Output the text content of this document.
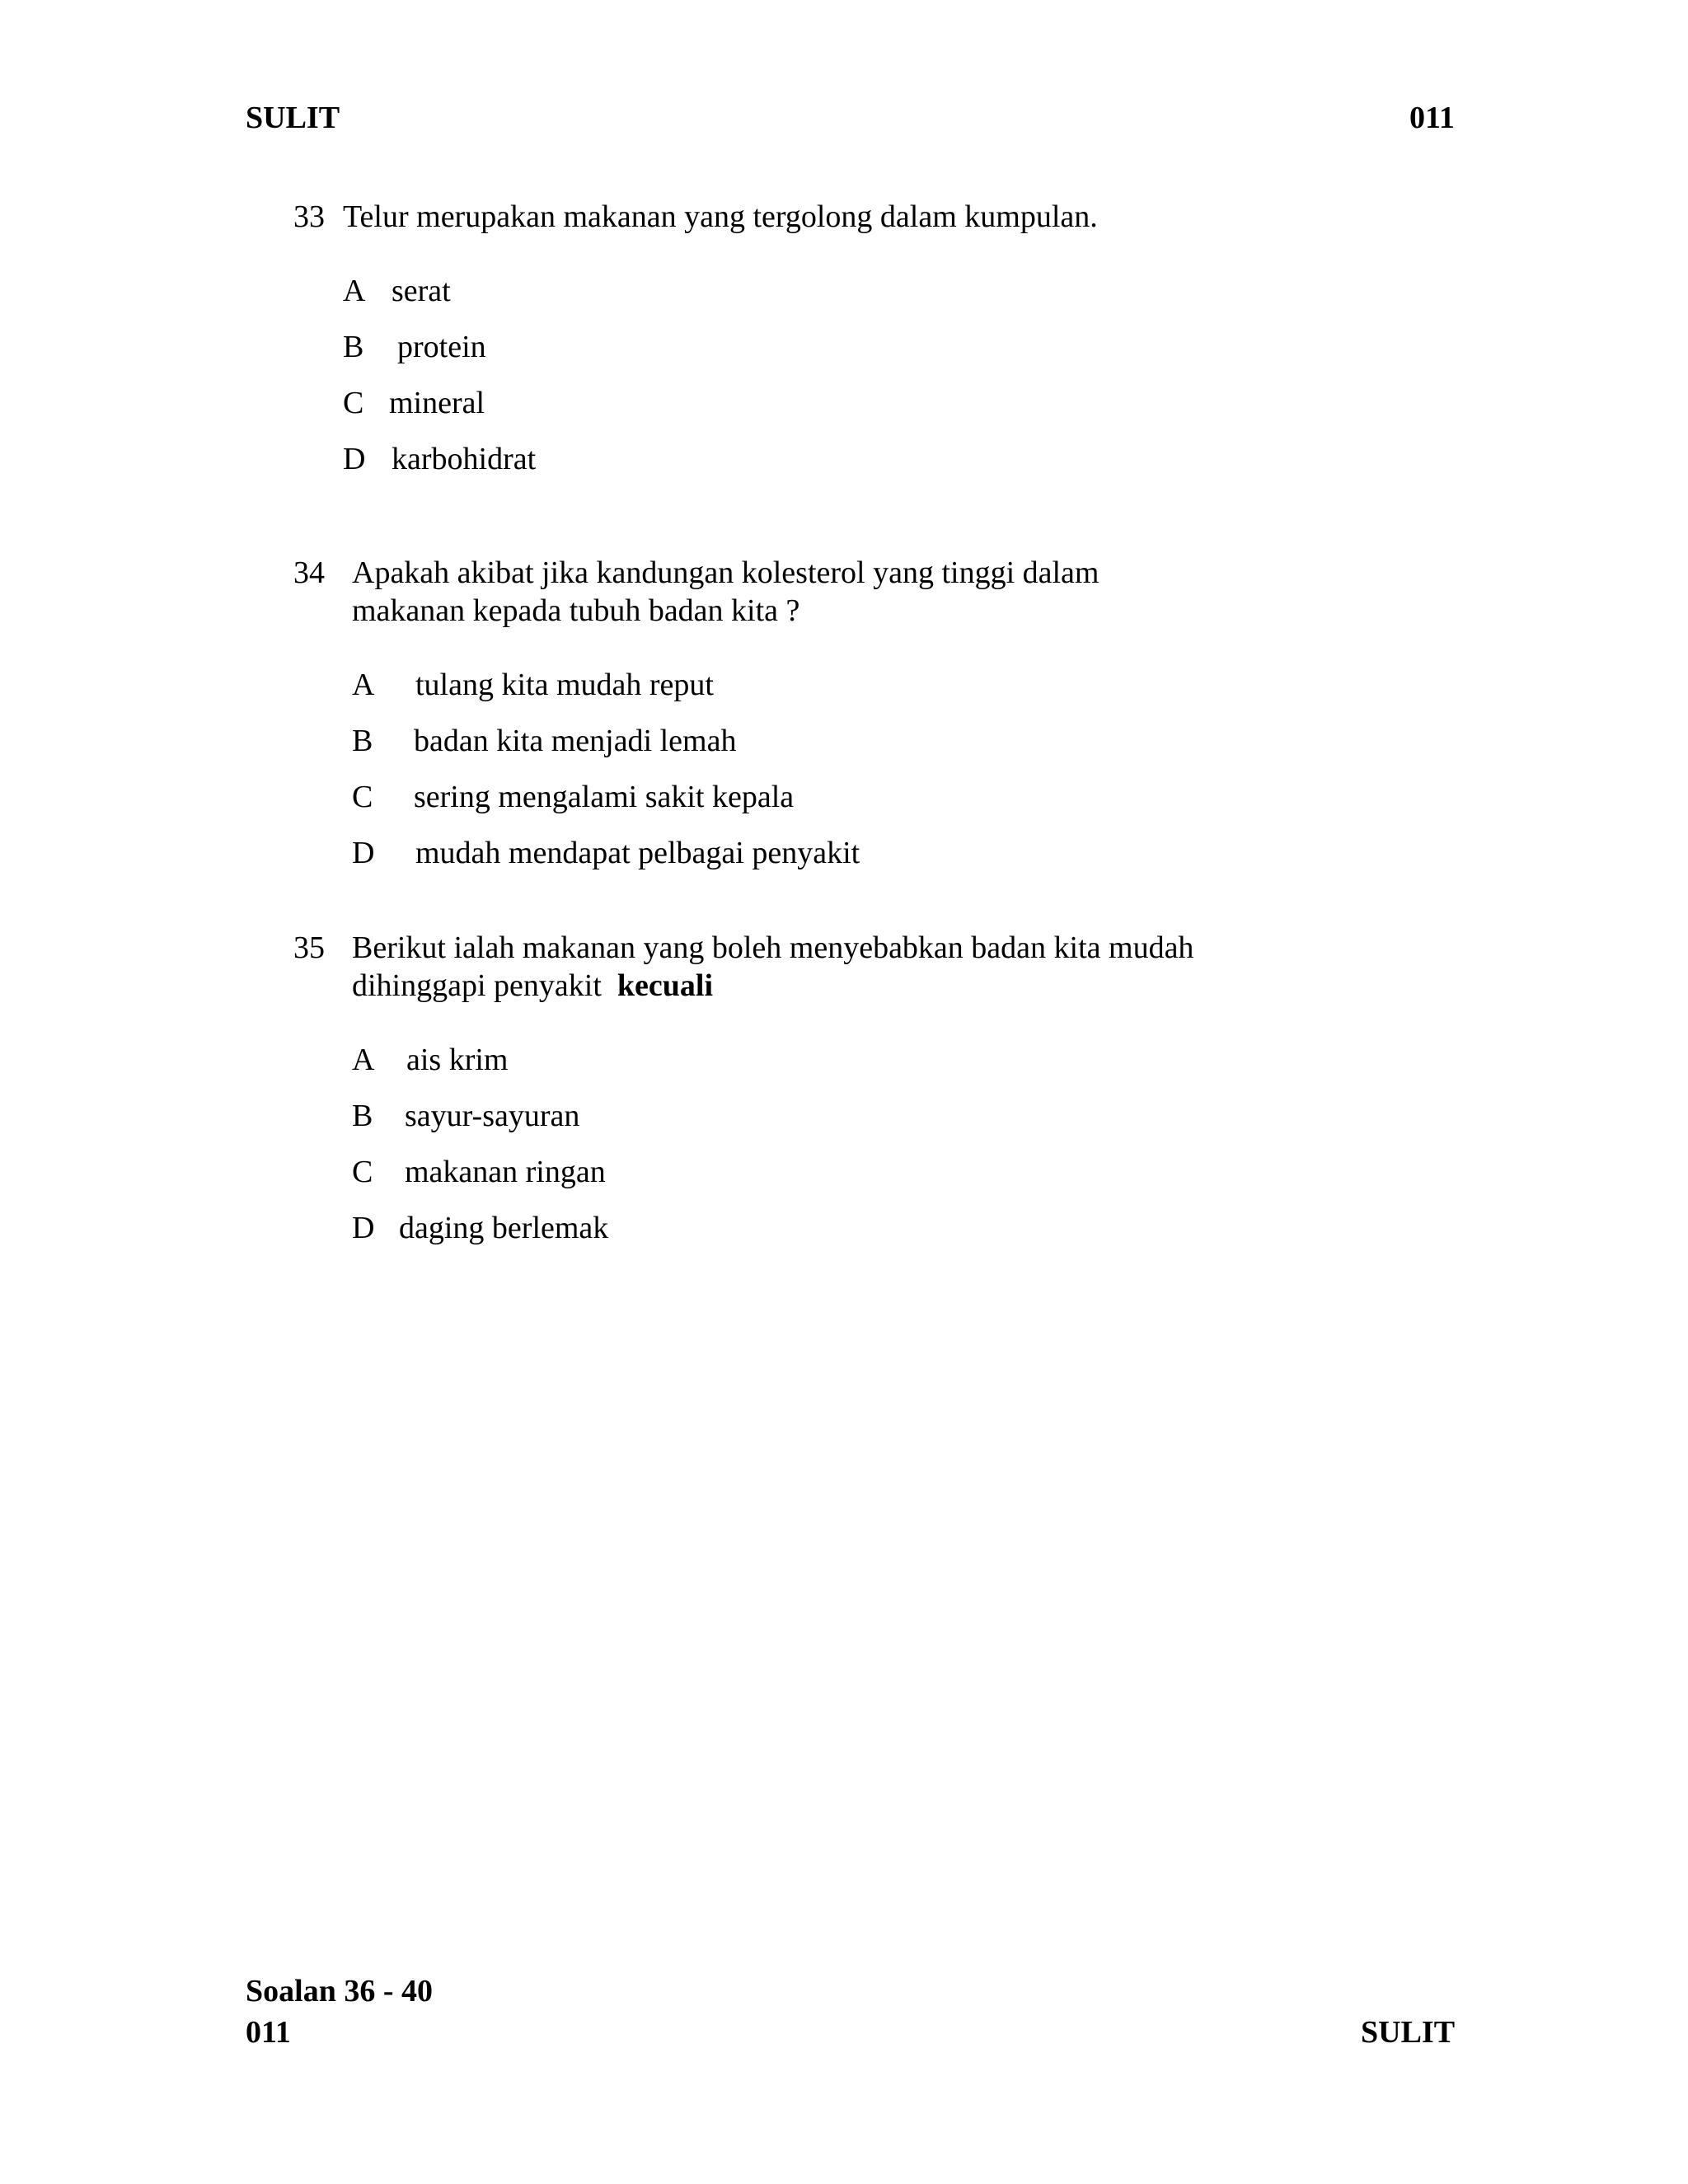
SULIT	011
33 Telur merupakan makanan yang tergolong dalam kumpulan.
A serat
B protein
C mineral
D karbohidrat
34 Apakah akibat jika kandungan kolesterol yang tinggi dalam
makanan kepada tubuh badan kita ?
A tulang kita mudah reput
B badan kita menjadi lemah
C sering mengalami sakit kepala
D mudah mendapat pelbagai penyakit
35 Berikut ialah makanan yang boleh menyebabkan badan kita mudah
dihinggapi penyakit kecuali
A ais krim
B sayur-sayuran
C makanan ringan
D daging berlemak
Soalan 36 - 40
011	SULIT
